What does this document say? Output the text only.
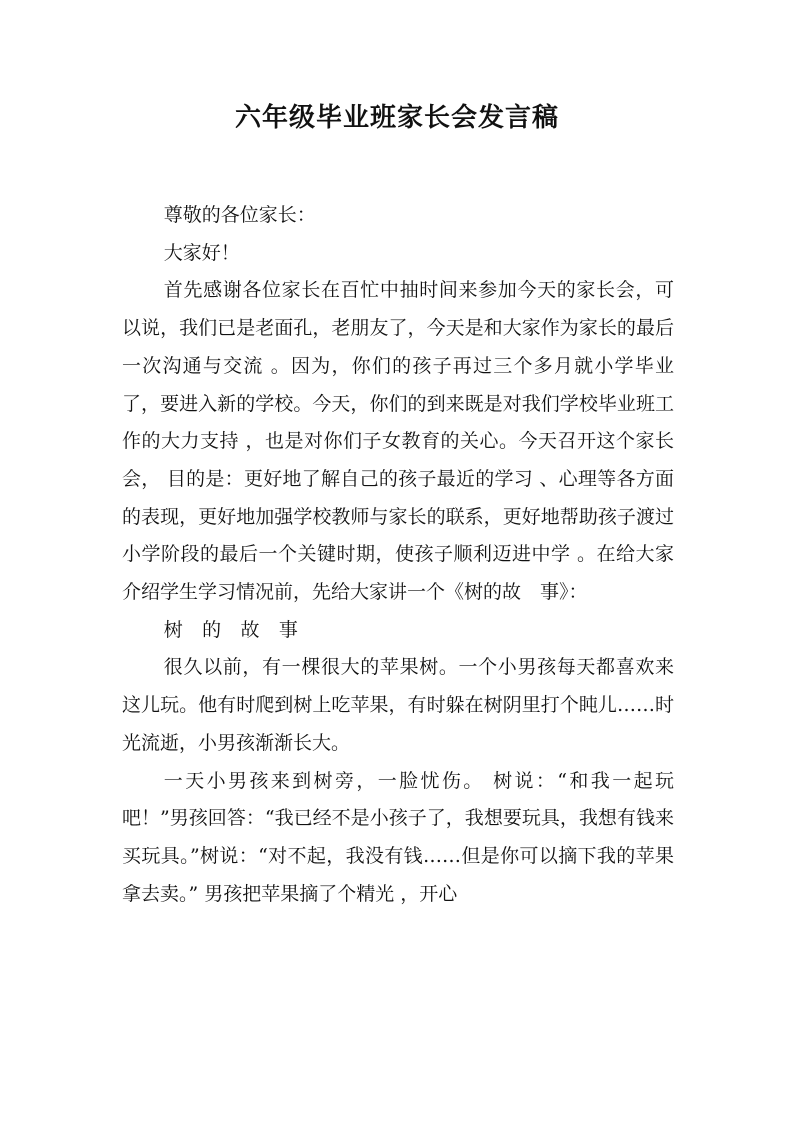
六年级毕业班家长会发言稿

尊敬的各位家长：

大家好！

首先感谢各位家长在百忙中抽时间来参加今天的家长会，可以说，我们已是老面孔，老朋友了，今天是和大家作为家长的最后一次沟通与交流 。因为，你们的孩子再过三个多月就小学毕业了，要进入新的学校。今天，你们的到来既是对我们学校毕业班工作的大力支持 ，也是对你们子女教育的关心。今天召开这个家长会， 目的是：更好地了解自己的孩子最近的学习 、心理等各方面的表现，更好地加强学校教师与家长的联系，更好地帮助孩子渡过小学阶段的最后一个关键时期，使孩子顺利迈进中学 。在给大家介绍学生学习情况前，先给大家讲一个《树的故　事》：

树 的 故 事

很久以前，有一棵很大的苹果树。一个小男孩每天都喜欢来这儿玩。他有时爬到树上吃苹果，有时躲在树阴里打个盹儿……时光流逝，小男孩渐渐长大。

一天小男孩来到树旁，一脸忧伤。 树说：“和我一起玩吧！”男孩回答：“我已经不是小孩子了，我想要玩具，我想有钱来买玩具。”树说：“对不起，我没有钱……但是你可以摘下我的苹果拿去卖。” 男孩把苹果摘了个精光 ，开心
